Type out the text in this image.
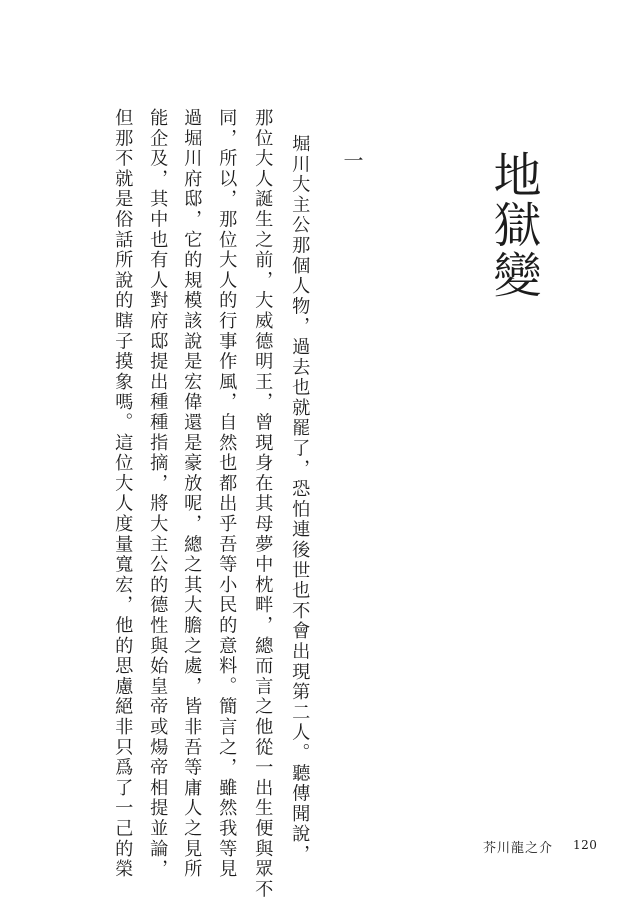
地獄變
一
堀川大主公那個人物，過去也就罷了，恐怕連後世也不會出現第二人。聽傳聞說，
那位大人誕生之前，大威德明王，曾現身在其母夢中枕畔，總而言之他從一出生便與眾不
同，所以，那位大人的行事作風，自然也都出乎吾等小民的意料。簡言之，雖然我等見
過堀川府邸，它的規模該說是宏偉還是豪放呢，總之其大膽之處，皆非吾等庸人之見所
能企及，其中也有人對府邸提出種種指摘，將大主公的德性與始皇帝或煬帝相提並論，
但那不就是俗話所說的瞎子摸象嗎。這位大人度量寬宏，他的思慮絕非只爲了一己的榮	芥川龍之介 120
